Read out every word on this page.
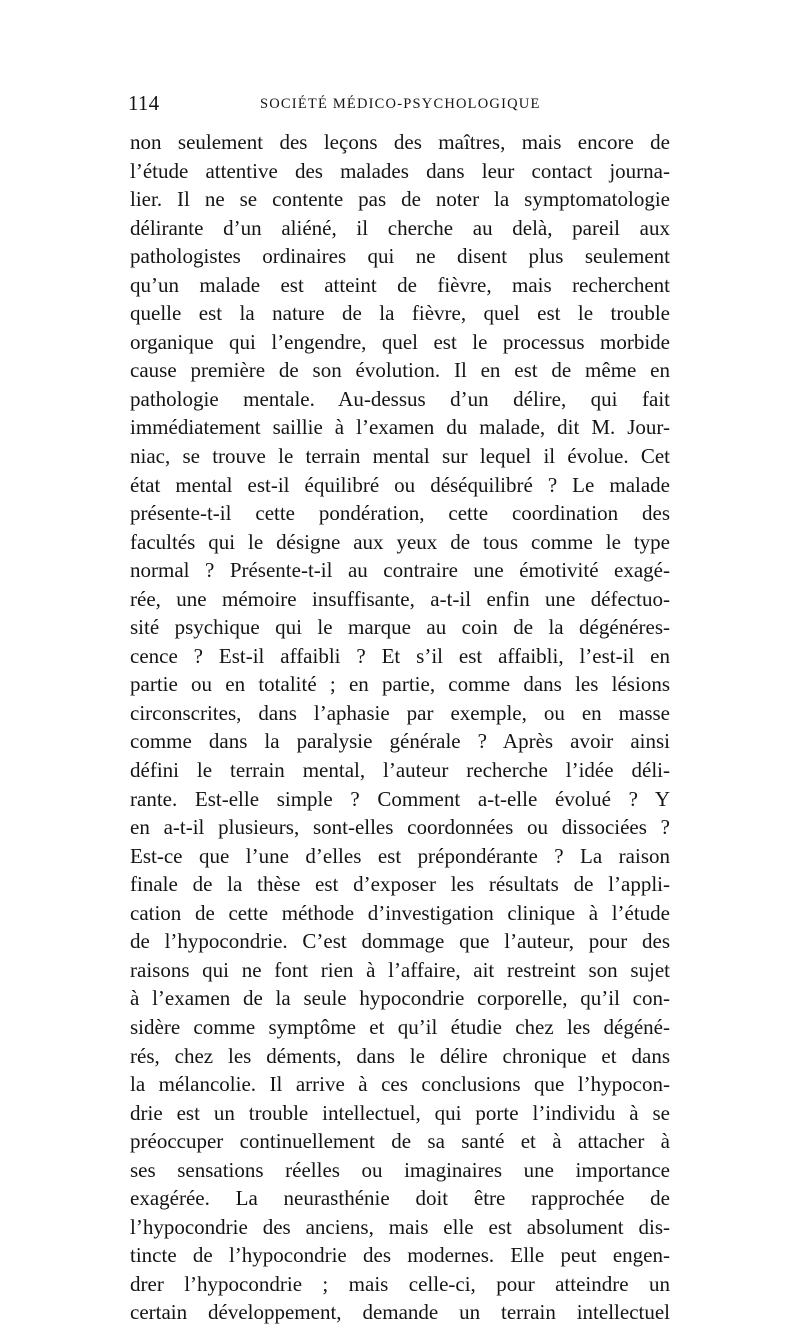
114	SOCIÉTÉ MÉDICO-PSYCHOLOGIQUE
non seulement des leçons des maîtres, mais encore de
l’étude attentive des malades dans leur contact journa-
lier. Il ne se contente pas de noter la symptomatologie
délirante d’un aliéné, il cherche au delà, pareil aux
pathologistes ordinaires qui ne disent plus seulement
qu’un malade est atteint de fièvre, mais recherchent
quelle est la nature de la fièvre, quel est le trouble
organique qui l’engendre, quel est le processus morbide
cause première de son évolution. Il en est de même en
pathologie mentale. Au-dessus d’un délire, qui fait
immédiatement saillie à l’examen du malade, dit M. Jour-
niac, se trouve le terrain mental sur lequel il évolue. Cet
état mental est-il équilibré ou déséquilibré ? Le malade
présente-t-il cette pondération, cette coordination des
facultés qui le désigne aux yeux de tous comme le type
normal ? Présente-t-il au contraire une émotivité exagé-
rée, une mémoire insuffisante, a-t-il enfin une défectuo-
sité psychique qui le marque au coin de la dégénéres-
cence ? Est-il affaibli ? Et s’il est affaibli, l’est-il en
partie ou en totalité ; en partie, comme dans les lésions
circonscrites, dans l’aphasie par exemple, ou en masse
comme dans la paralysie générale ? Après avoir ainsi
défini le terrain mental, l’auteur recherche l’idée déli-
rante. Est-elle simple ? Comment a-t-elle évolué ? Y
en a-t-il plusieurs, sont-elles coordonnées ou dissociées ?
Est-ce que l’une d’elles est prépondérante ? La raison
finale de la thèse est d’exposer les résultats de l’appli-
cation de cette méthode d’investigation clinique à l’étude
de l’hypocondrie. C’est dommage que l’auteur, pour des
raisons qui ne font rien à l’affaire, ait restreint son sujet
à l’examen de la seule hypocondrie corporelle, qu’il con-
sidère comme symptôme et qu’il étudie chez les dégéné-
rés, chez les déments, dans le délire chronique et dans
la mélancolie. Il arrive à ces conclusions que l’hypocon-
drie est un trouble intellectuel, qui porte l’individu à se
préoccuper continuellement de sa santé et à attacher à
ses sensations réelles ou imaginaires une importance
exagérée. La neurasthénie doit être rapprochée de
l’hypocondrie des anciens, mais elle est absolument dis-
tincte de l’hypocondrie des modernes. Elle peut engen-
drer l’hypocondrie ; mais celle-ci, pour atteindre un
certain développement, demande un terrain intellectuel
